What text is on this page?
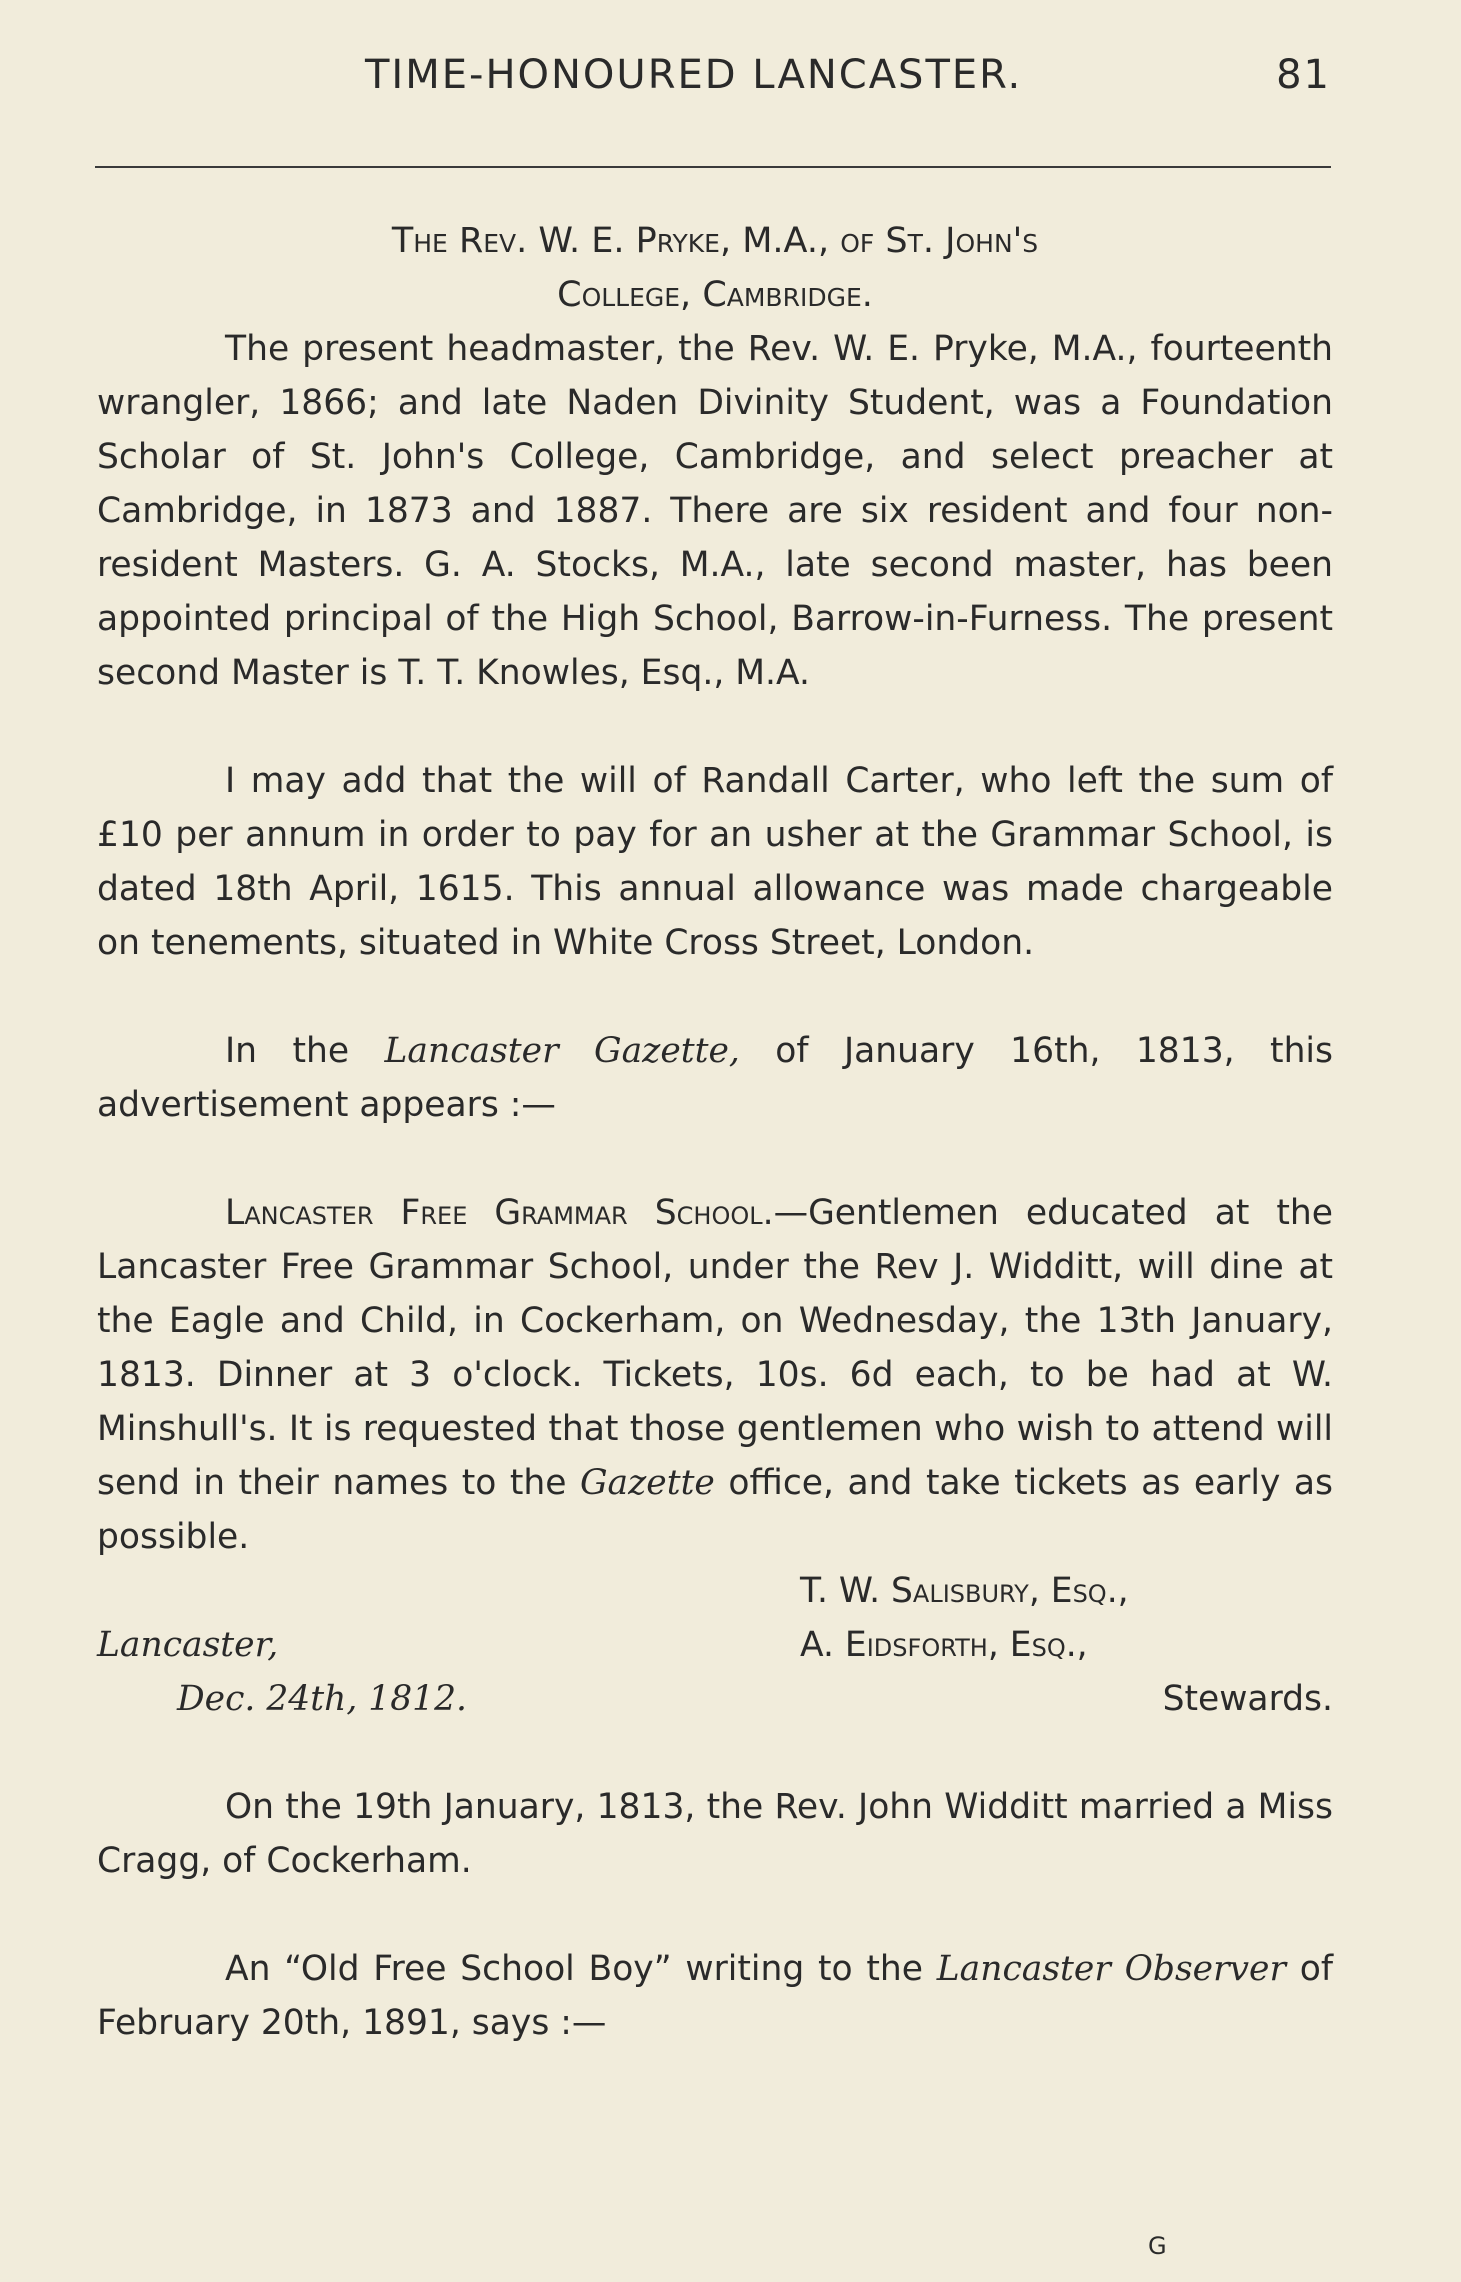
TIME-HONOURED LANCASTER.	81
The Rev. W. E. Pryke, M.A., of St. John's
College, Cambridge.

The present headmaster, the Rev. W. E. Pryke, M.A., fourteenth wrangler, 1866; and late Naden Divinity Student, was a Foundation Scholar of St. John's College, Cambridge, and select preacher at Cambridge, in 1873 and 1887. There are six resident and four non-resident Masters. G. A. Stocks, M.A., late second master, has been appointed principal of the High School, Barrow-in-Furness. The present second Master is T. T. Knowles, Esq., M.A.

I may add that the will of Randall Carter, who left the sum of £10 per annum in order to pay for an usher at the Grammar School, is dated 18th April, 1615. This annual allowance was made chargeable on tenements, situated in White Cross Street, London.

In the Lancaster Gazette, of January 16th, 1813, this advertisement appears :—

Lancaster Free Grammar School.—Gentlemen educated at the Lancaster Free Grammar School, under the Rev J. Widditt, will dine at the Eagle and Child, in Cockerham, on Wednesday, the 13th January, 1813. Dinner at 3 o'clock. Tickets, 10s. 6d each, to be had at W. Minshull's. It is requested that those gentlemen who wish to attend will send in their names to the Gazette office, and take tickets as early as possible.

T. W. Salisbury, Esq.,
Lancaster,	A. Eidsforth, Esq.,
Dec. 24th, 1812.	Stewards.

On the 19th January, 1813, the Rev. John Widditt married a Miss Cragg, of Cockerham.

An “Old Free School Boy” writing to the Lancaster Observer of February 20th, 1891, says :—

G
